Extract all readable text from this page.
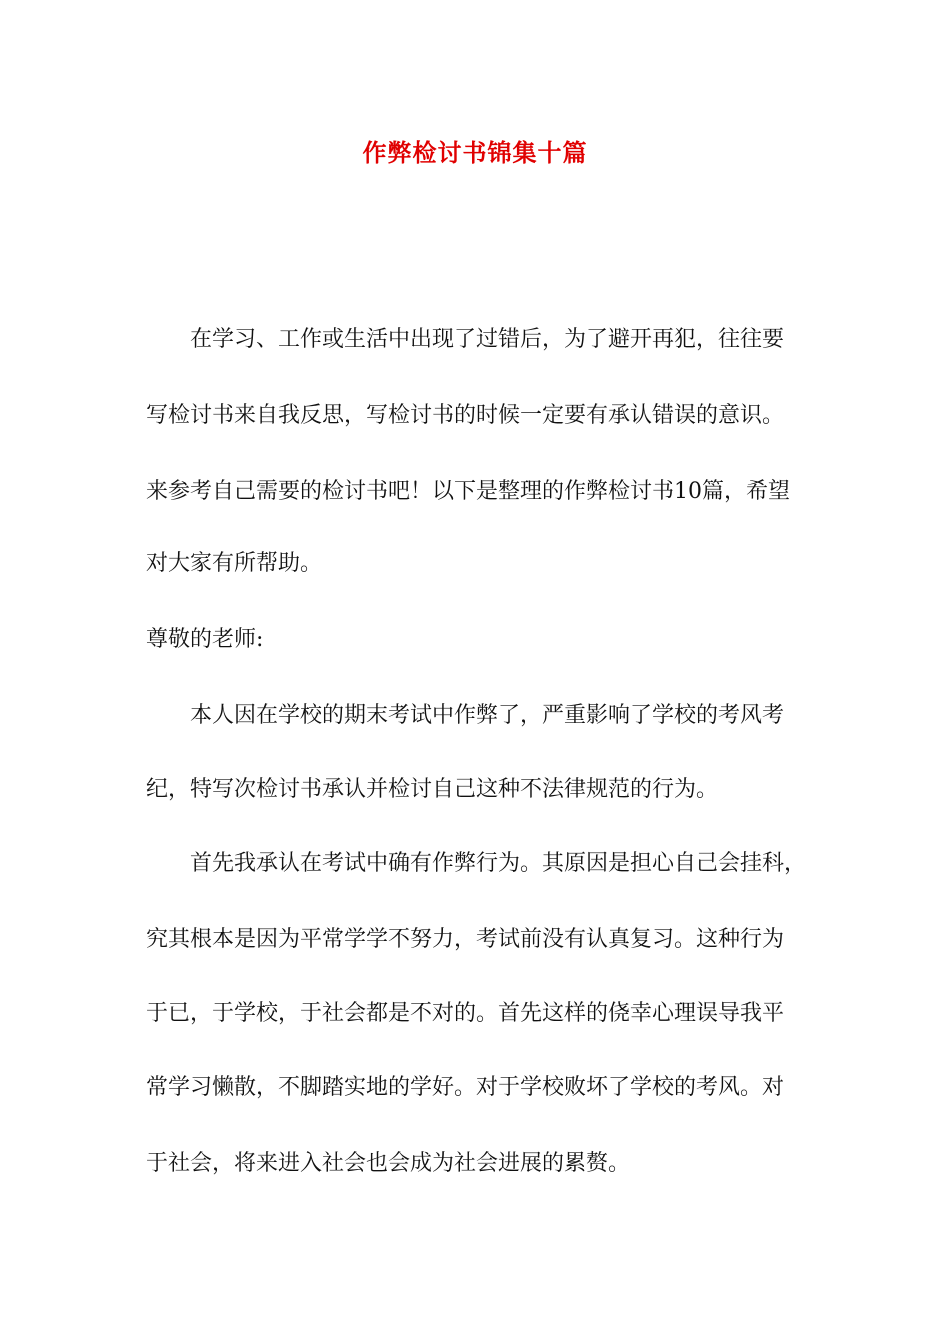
作弊检讨书锦集十篇

在学习、工作或生活中出现了过错后，为了避开再犯，往往要

写检讨书来自我反思，写检讨书的时候一定要有承认错误的意识。

来参考自己需要的检讨书吧！以下是整理的作弊检讨书10篇，希望

对大家有所帮助。

尊敬的老师:

本人因在学校的期末考试中作弊了，严重影响了学校的考风考

纪，特写次检讨书承认并检讨自己这种不法律规范的行为。

首先我承认在考试中确有作弊行为。其原因是担心自己会挂科，

究其根本是因为平常学学不努力，考试前没有认真复习。这种行为

于已，于学校，于社会都是不对的。首先这样的侥幸心理误导我平

常学习懒散，不脚踏实地的学好。对于学校败坏了学校的考风。对

于社会，将来进入社会也会成为社会进展的累赘。
